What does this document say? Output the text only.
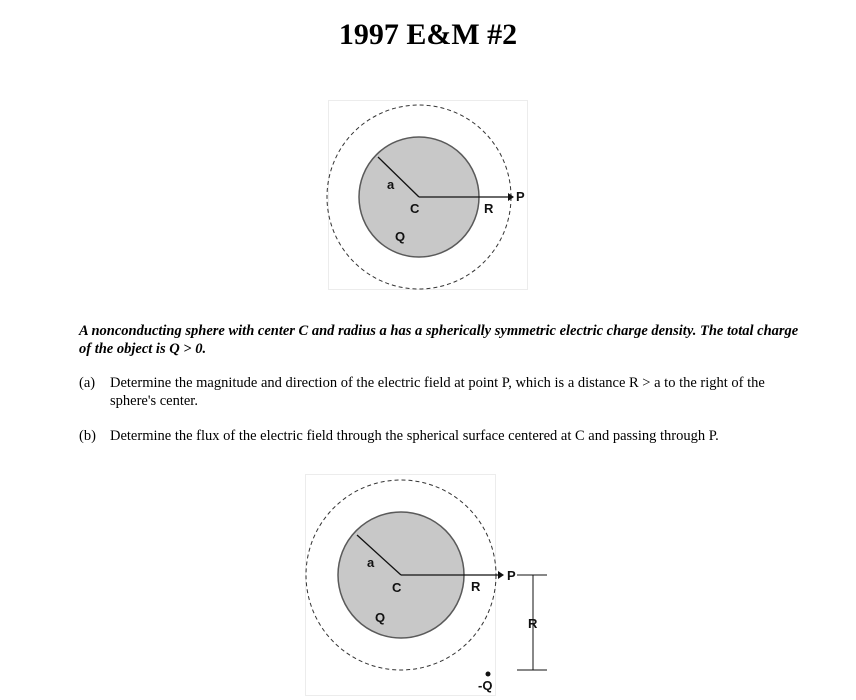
1997 E&M #2
a
C
Q
R
P
A nonconducting sphere with center C and radius a has a spherically symmetric electric charge density. The total charge of the object is Q > 0.
(a) Determine the magnitude and direction of the electric field at point P, which is a distance R > a to the right of the sphere's center.
(b) Determine the flux of the electric field through the spherical surface centered at C and passing through P.
a
C
Q
R
P
R
-Q
